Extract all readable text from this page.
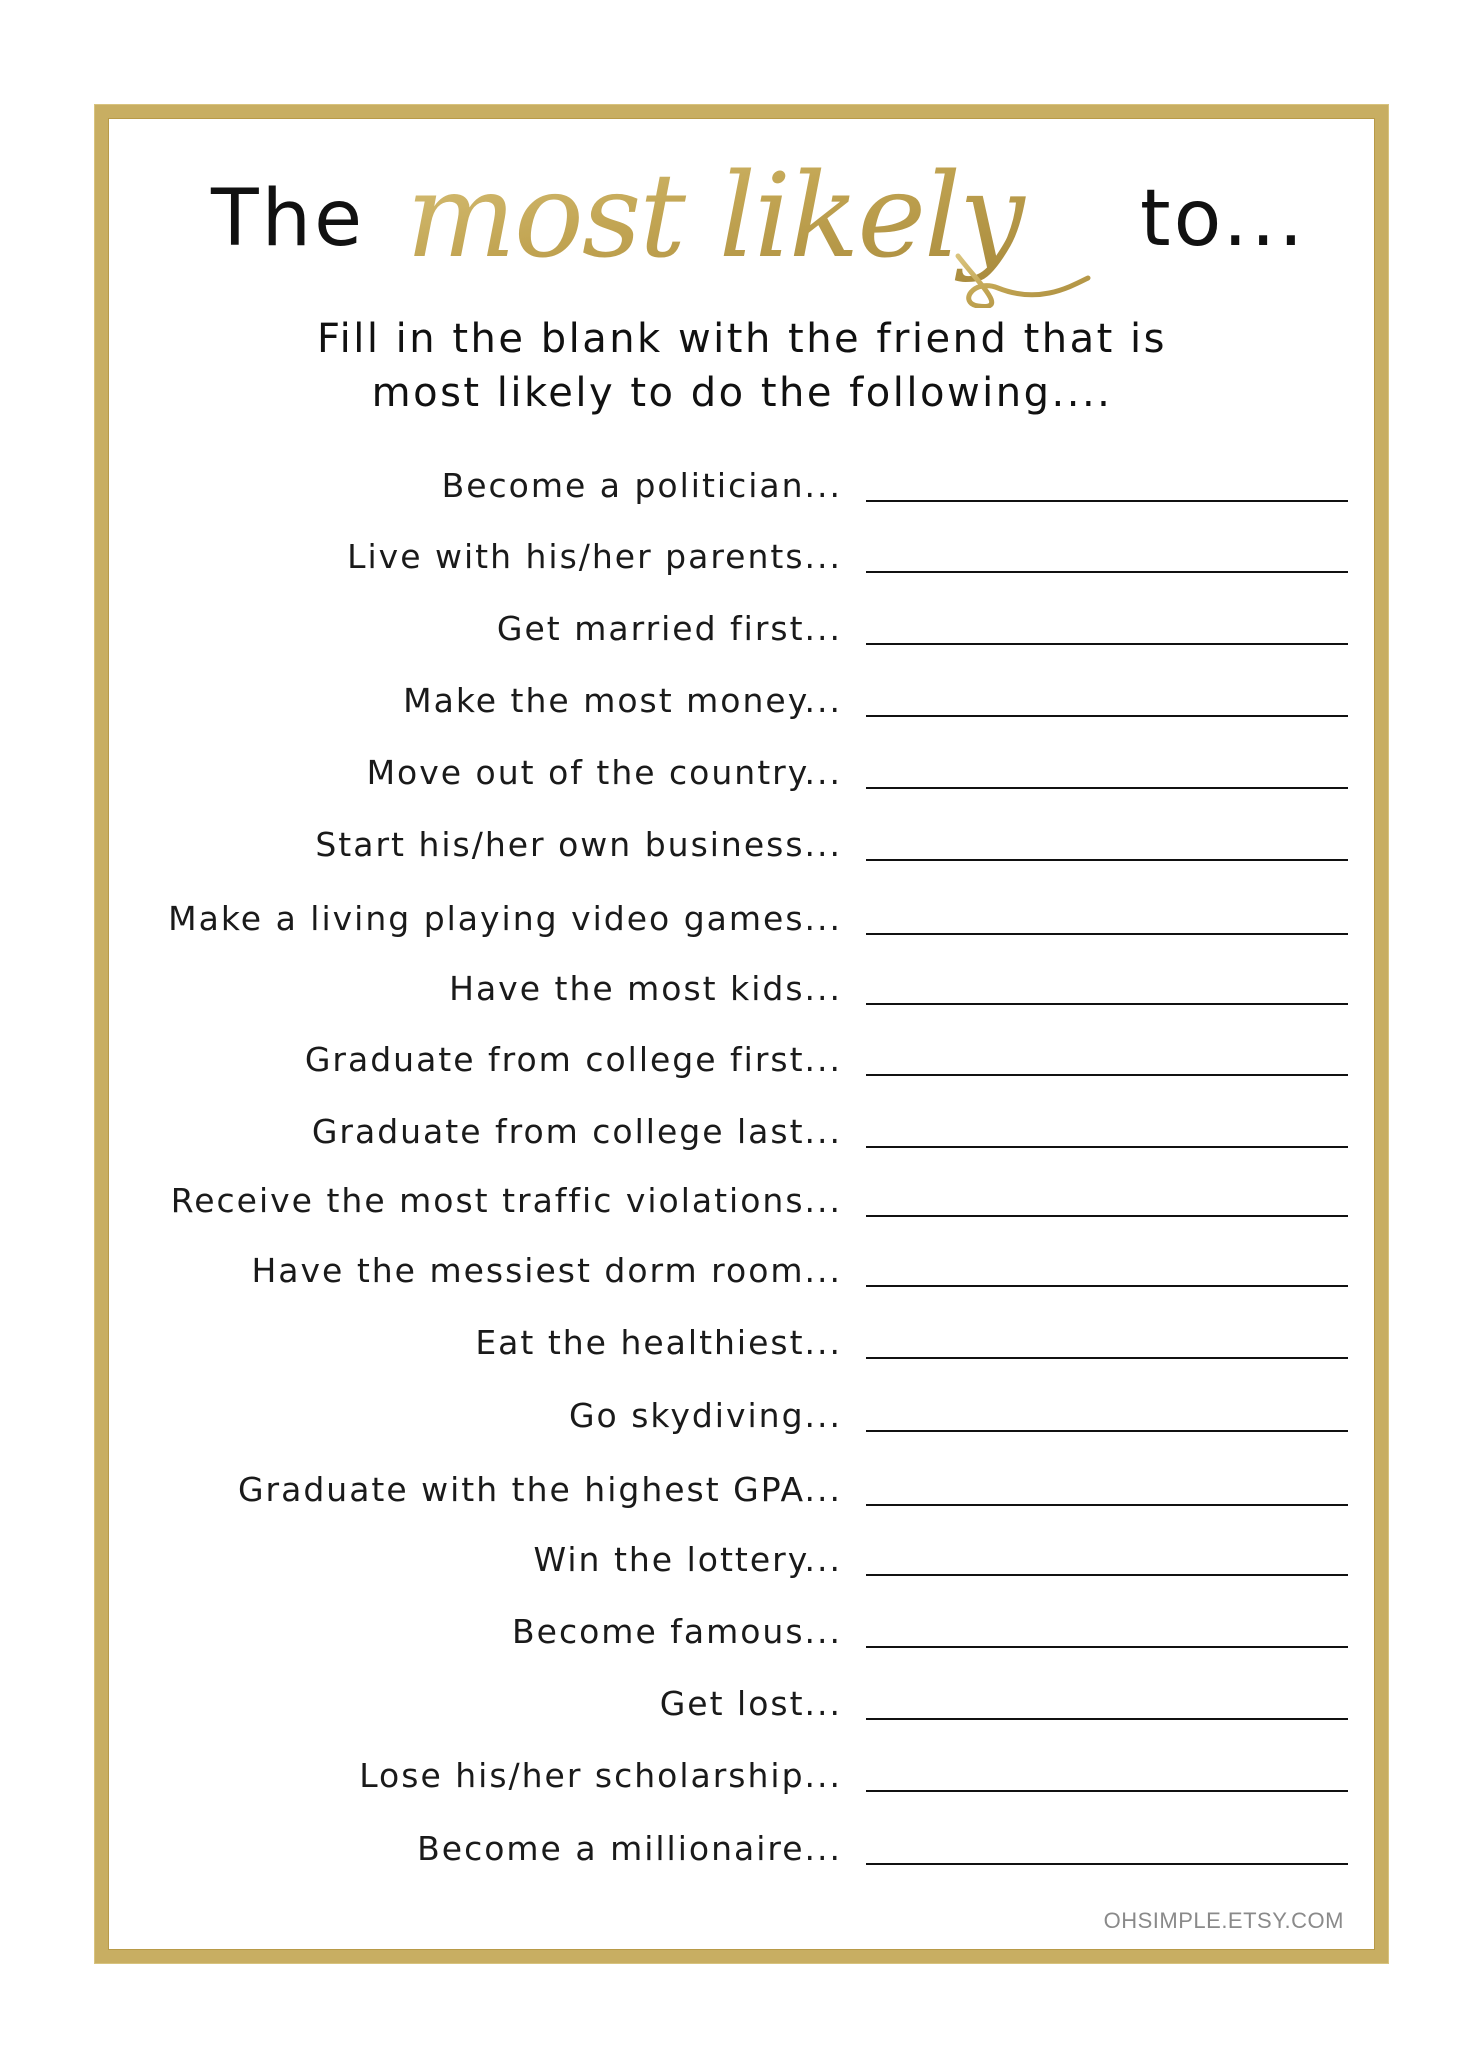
The most likely to...
Fill in the blank with the friend that is
most likely to do the following....
Become a politician...
Live with his/her parents...
Get married first...
Make the most money...
Move out of the country...
Start his/her own business...
Make a living playing video games...
Have the most kids...
Graduate from college first...
Graduate from college last...
Receive the most traffic violations...
Have the messiest dorm room...
Eat the healthiest...
Go skydiving...
Graduate with the highest GPA...
Win the lottery...
Become famous...
Get lost...
Lose his/her scholarship...
Become a millionaire...
OHSIMPLE.ETSY.COM
